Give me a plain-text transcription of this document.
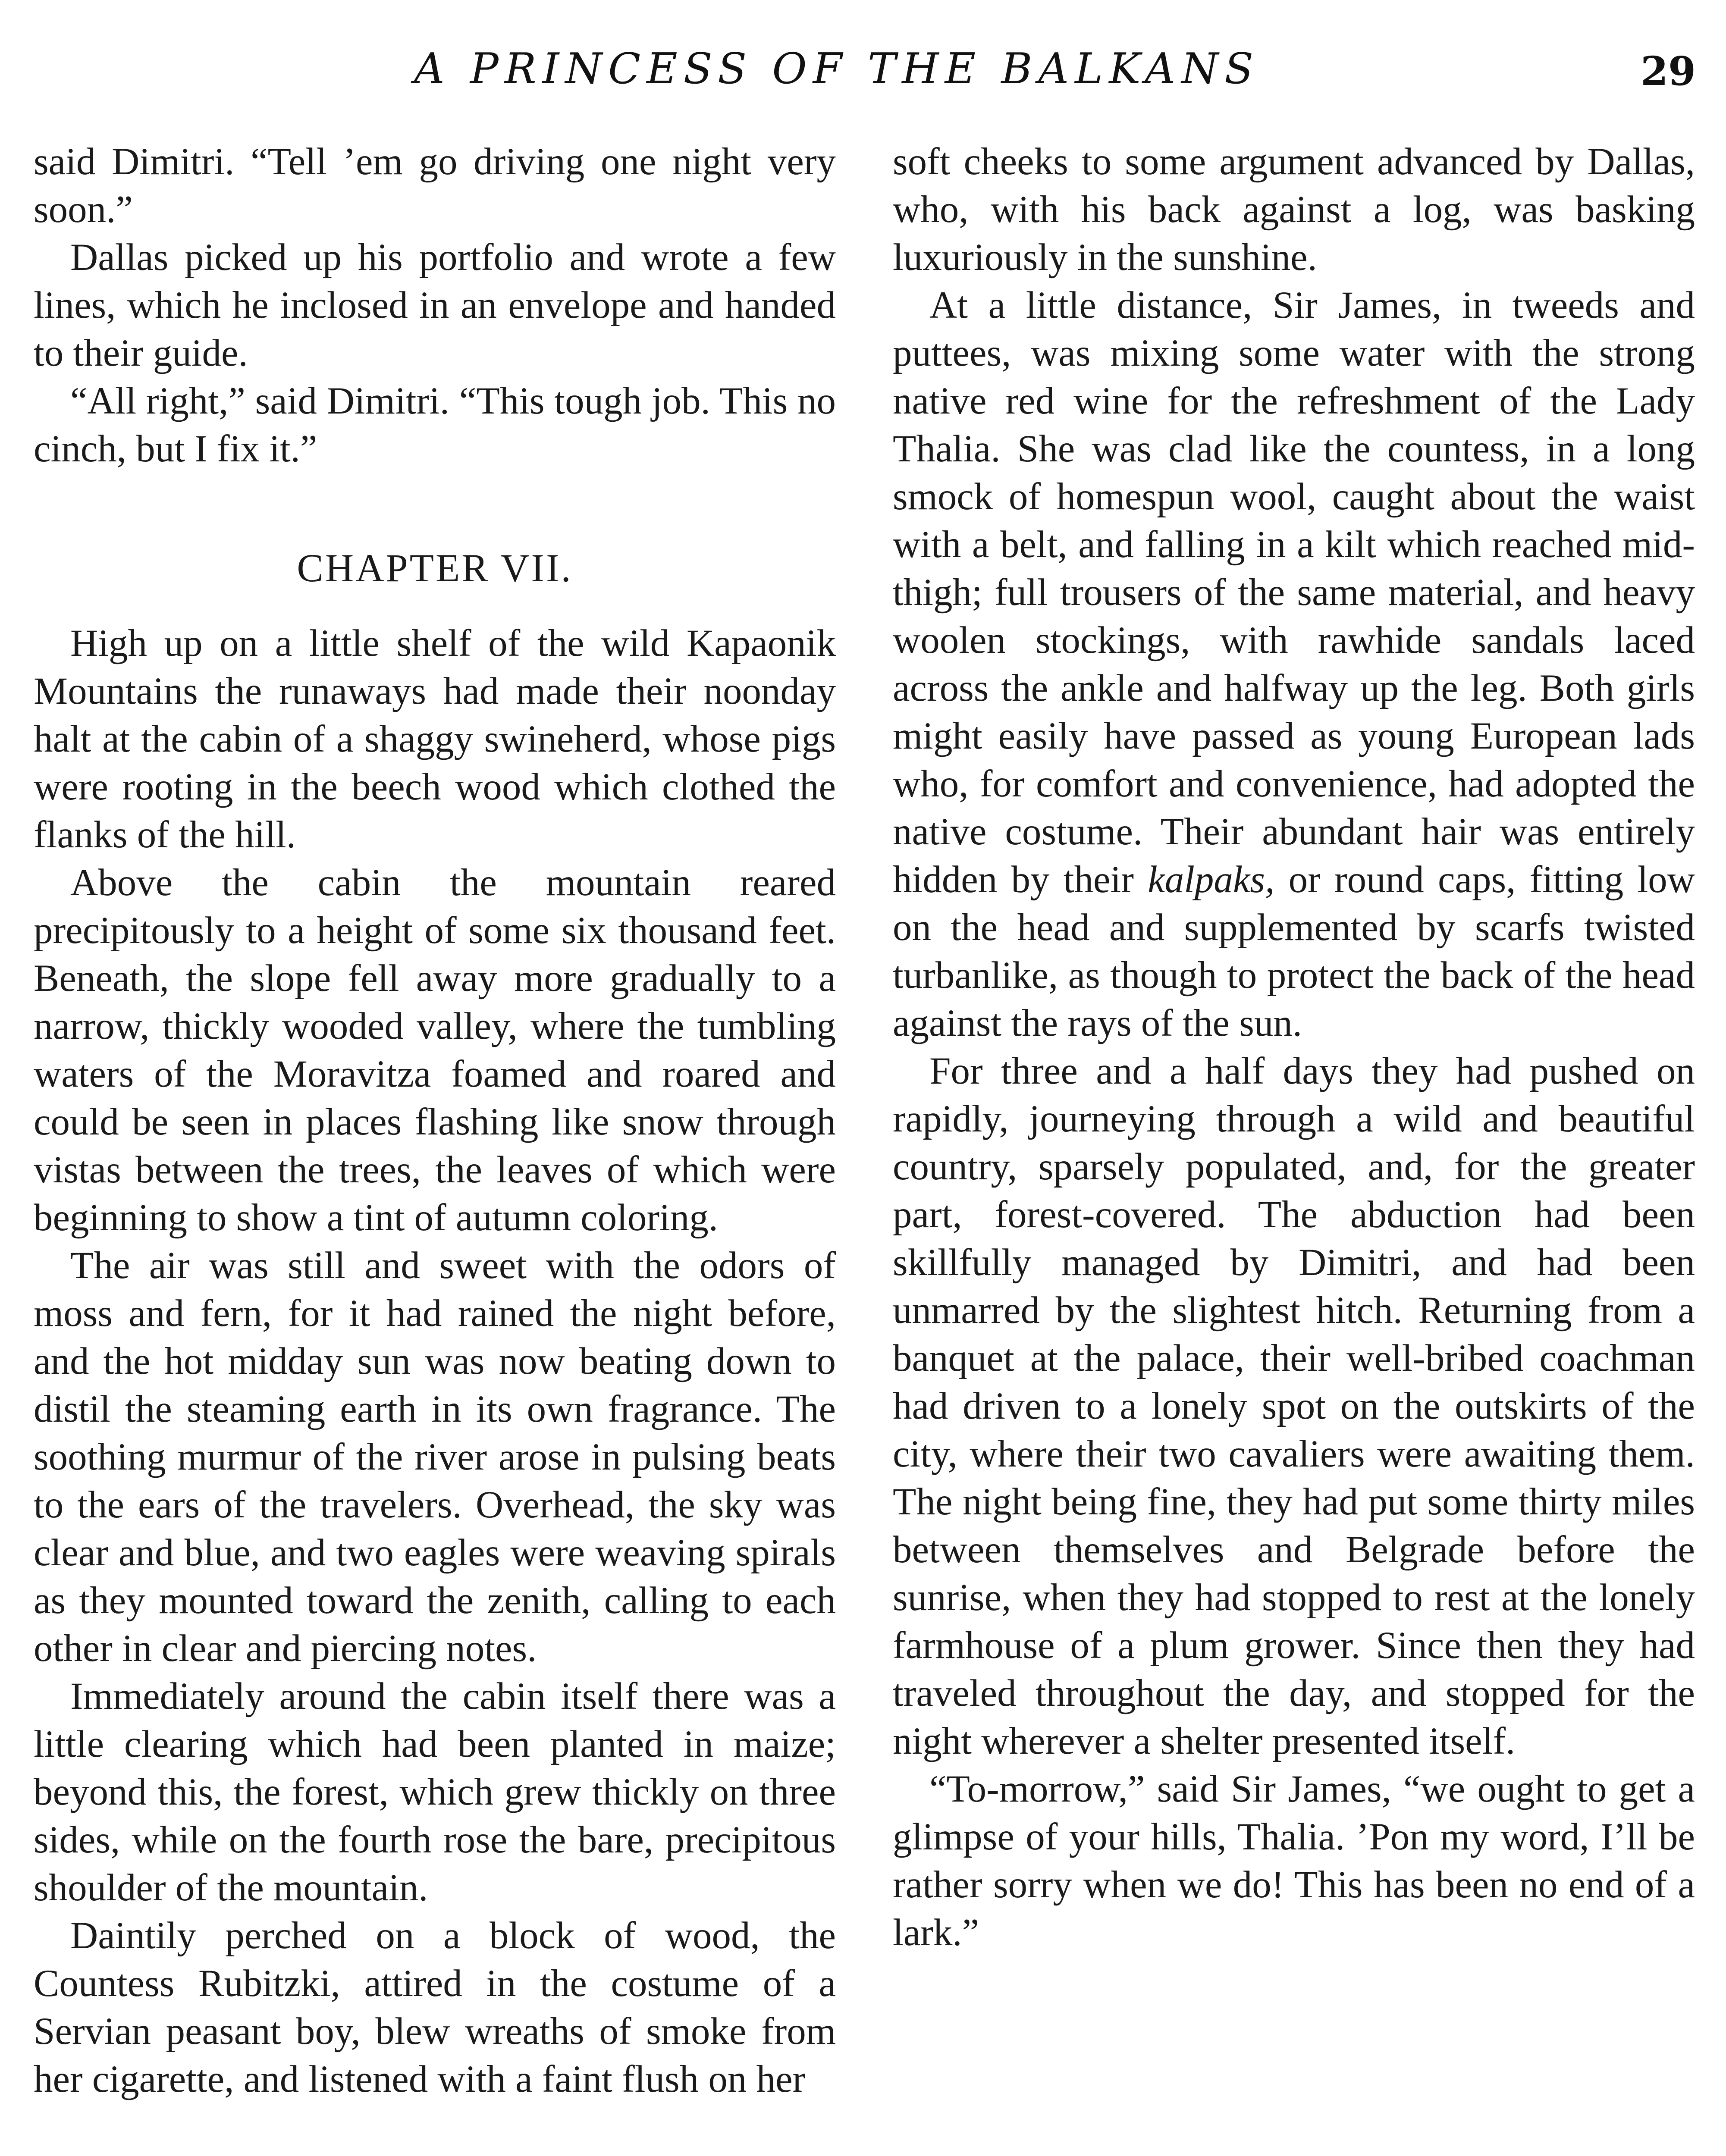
A PRINCESS OF THE BALKANS	29

said Dimitri. “Tell ’em go driving one night very soon.”

Dallas picked up his portfolio and wrote a few lines, which he inclosed in an envelope and handed to their guide.

“All right,” said Dimitri. “This tough job. This no cinch, but I fix it.”

CHAPTER VII.

High up on a little shelf of the wild Kapaonik Mountains the runaways had made their noonday halt at the cabin of a shaggy swineherd, whose pigs were rooting in the beech wood which clothed the flanks of the hill.

Above the cabin the mountain reared precipitously to a height of some six thousand feet. Beneath, the slope fell away more gradually to a narrow, thickly wooded valley, where the tumbling waters of the Moravitza foamed and roared and could be seen in places flashing like snow through vistas between the trees, the leaves of which were beginning to show a tint of autumn coloring.

The air was still and sweet with the odors of moss and fern, for it had rained the night before, and the hot midday sun was now beating down to distil the steaming earth in its own fragrance. The soothing murmur of the river arose in pulsing beats to the ears of the travelers. Overhead, the sky was clear and blue, and two eagles were weaving spirals as they mounted toward the zenith, calling to each other in clear and piercing notes.

Immediately around the cabin itself there was a little clearing which had been planted in maize; beyond this, the forest, which grew thickly on three sides, while on the fourth rose the bare, precipitous shoulder of the mountain.

Daintily perched on a block of wood, the Countess Rubitzki, attired in the costume of a Servian peasant boy, blew wreaths of smoke from her cigarette, and listened with a faint flush on her

soft cheeks to some argument advanced by Dallas, who, with his back against a log, was basking luxuriously in the sunshine.

At a little distance, Sir James, in tweeds and puttees, was mixing some water with the strong native red wine for the refreshment of the Lady Thalia. She was clad like the countess, in a long smock of homespun wool, caught about the waist with a belt, and falling in a kilt which reached mid-thigh; full trousers of the same material, and heavy woolen stockings, with rawhide sandals laced across the ankle and halfway up the leg. Both girls might easily have passed as young European lads who, for comfort and convenience, had adopted the native costume. Their abundant hair was entirely hidden by their kalpaks, or round caps, fitting low on the head and supplemented by scarfs twisted turbanlike, as though to protect the back of the head against the rays of the sun.

For three and a half days they had pushed on rapidly, journeying through a wild and beautiful country, sparsely populated, and, for the greater part, forest-covered. The abduction had been skillfully managed by Dimitri, and had been unmarred by the slightest hitch. Returning from a banquet at the palace, their well-bribed coachman had driven to a lonely spot on the outskirts of the city, where their two cavaliers were awaiting them. The night being fine, they had put some thirty miles between themselves and Belgrade before the sunrise, when they had stopped to rest at the lonely farmhouse of a plum grower. Since then they had traveled throughout the day, and stopped for the night wherever a shelter presented itself.

“To-morrow,” said Sir James, “we ought to get a glimpse of your hills, Thalia. ’Pon my word, I’ll be rather sorry when we do! This has been no end of a lark.”
